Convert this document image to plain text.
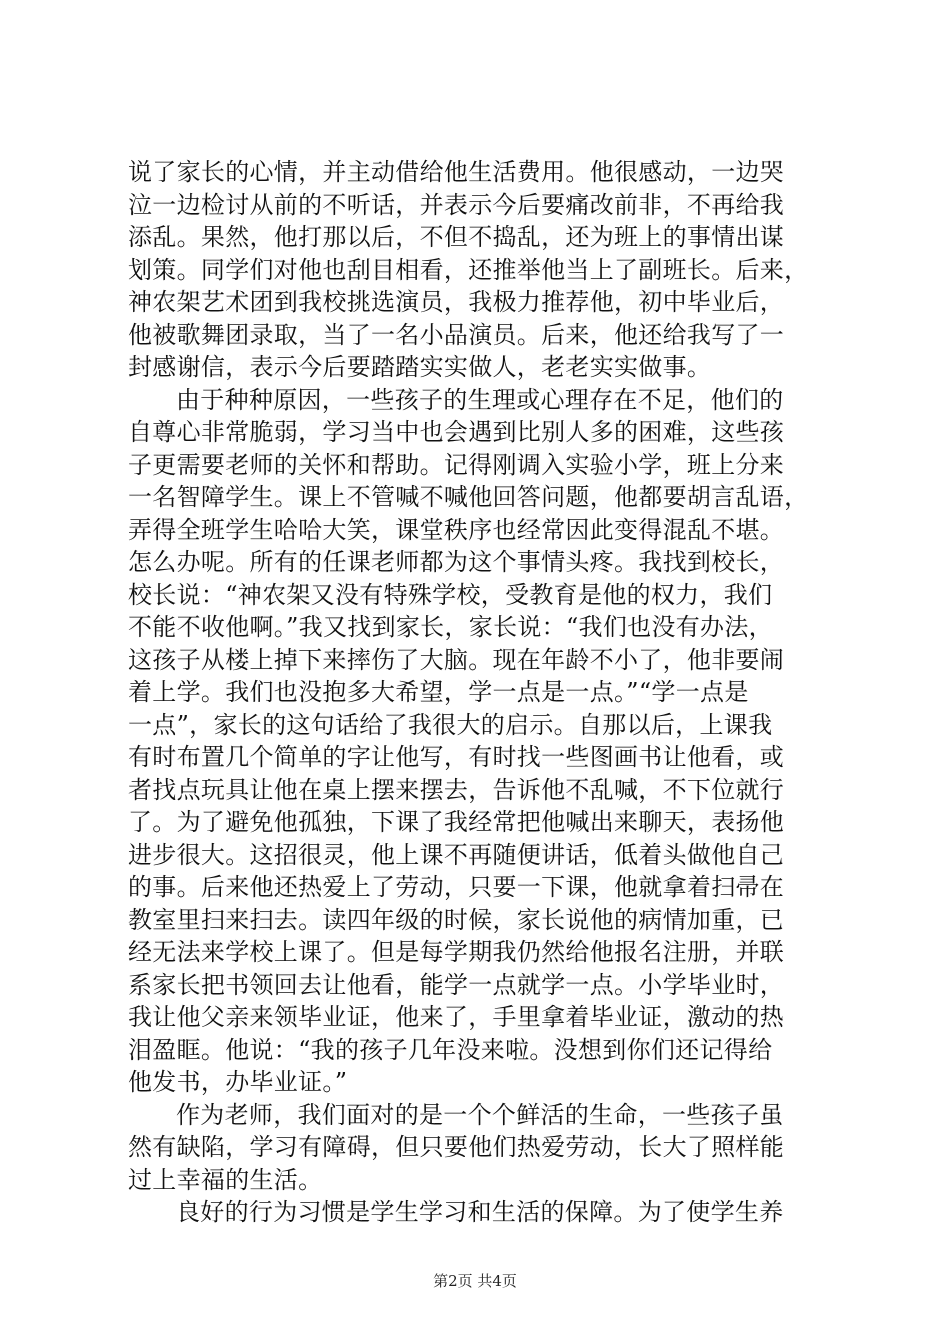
说了家长的心情，并主动借给他生活费用。他很感动，一边哭
泣一边检讨从前的不听话，并表示今后要痛改前非，不再给我
添乱。果然，他打那以后，不但不捣乱，还为班上的事情出谋
划策。同学们对他也刮目相看，还推举他当上了副班长。后来，
神农架艺术团到我校挑选演员，我极力推荐他，初中毕业后，
他被歌舞团录取，当了一名小品演员。后来，他还给我写了一
封感谢信，表示今后要踏踏实实做人，老老实实做事。
由于种种原因，一些孩子的生理或心理存在不足，他们的
自尊心非常脆弱，学习当中也会遇到比别人多的困难，这些孩
子更需要老师的关怀和帮助。记得刚调入实验小学，班上分来
一名智障学生。课上不管喊不喊他回答问题，他都要胡言乱语，
弄得全班学生哈哈大笑，课堂秩序也经常因此变得混乱不堪。
怎么办呢。所有的任课老师都为这个事情头疼。我找到校长，
校长说：“神农架又没有特殊学校，受教育是他的权力，我们
不能不收他啊。”我又找到家长，家长说：“我们也没有办法，
这孩子从楼上掉下来摔伤了大脑。现在年龄不小了，他非要闹
着上学。我们也没抱多大希望，学一点是一点。”“学一点是
一点”，家长的这句话给了我很大的启示。自那以后，上课我
有时布置几个简单的字让他写，有时找一些图画书让他看，或
者找点玩具让他在桌上摆来摆去，告诉他不乱喊，不下位就行
了。为了避免他孤独，下课了我经常把他喊出来聊天，表扬他
进步很大。这招很灵，他上课不再随便讲话，低着头做他自己
的事。后来他还热爱上了劳动，只要一下课，他就拿着扫帚在
教室里扫来扫去。读四年级的时候，家长说他的病情加重，已
经无法来学校上课了。但是每学期我仍然给他报名注册，并联
系家长把书领回去让他看，能学一点就学一点。小学毕业时，
我让他父亲来领毕业证，他来了，手里拿着毕业证，激动的热
泪盈眶。他说：“我的孩子几年没来啦。没想到你们还记得给
他发书，办毕业证。”
作为老师，我们面对的是一个个鲜活的生命，一些孩子虽
然有缺陷，学习有障碍，但只要他们热爱劳动，长大了照样能
过上幸福的生活。
良好的行为习惯是学生学习和生活的保障。为了使学生养
第2页 共4页
